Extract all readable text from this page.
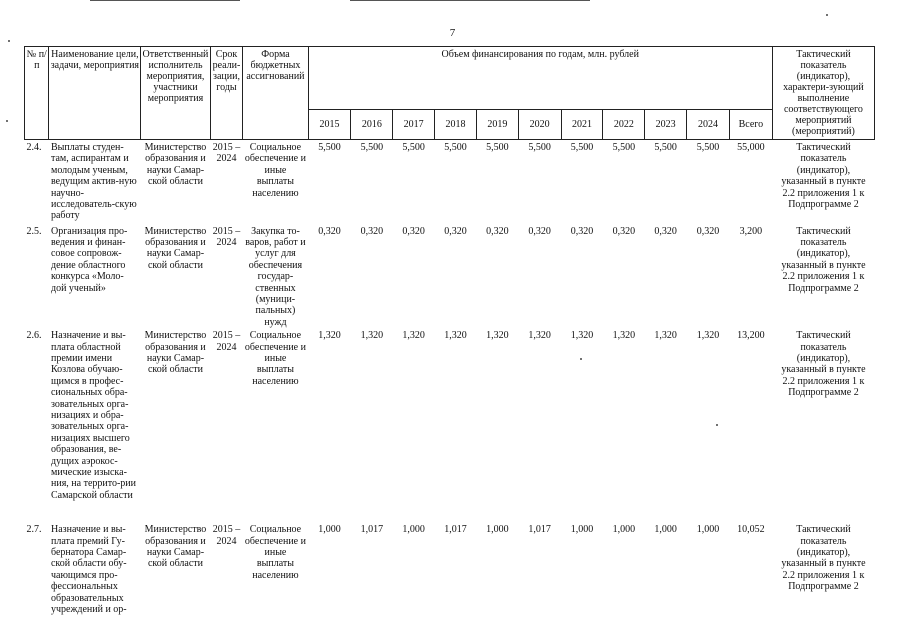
7
№ п/п	Наименование цели, задачи, мероприятия	Ответственный исполнитель мероприятия, участники мероприятия	Срок реали-зации, годы	Форма бюджетных ассигнований	Объем финансирования по годам, млн. рублей											Тактический показатель (индикатор), характери-зующий выполнение соответствующего мероприятий (мероприятий)
					2015	2016	2017	2018	2019	2020	2021	2022	2023	2024	Всего	
2.4.	Выплаты студен-там, аспирантам и молодым ученым, ведущим актив-ную научно-исследователь-скую работу	Министерство образования и науки Самар-ской области	2015 – 2024	Социальное обеспечение и иные выплаты населению	5,500	5,500	5,500	5,500	5,500	5,500	5,500	5,500	5,500	5,500	55,000	Тактический показатель (индикатор), указанный в пункте 2.2 приложения 1 к Подпрограмме 2
2.5.	Организация про-ведения и финан-совое сопровож-дение областного конкурса «Моло-дой ученый»	Министерство образования и науки Самар-ской области	2015 – 2024	Закупка то-варов, работ и услуг для обеспечения государ-ственных (муници-пальных) нужд	0,320	0,320	0,320	0,320	0,320	0,320	0,320	0,320	0,320	0,320	3,200	Тактический показатель (индикатор), указанный в пункте 2.2 приложения 1 к Подпрограмме 2
2.6.	Назначение и вы-плата областной премии имени Козлова обучаю-щимся в профес-сиональных обра-зовательных орга-низациях и обра-зовательных орга-низациях высшего образования, ве-дущих аэрокос-мические изыска-ния, на террито-рии Самарской области	Министерство образования и науки Самар-ской области	2015 – 2024	Социальное обеспечение и иные выплаты населению	1,320	1,320	1,320	1,320	1,320	1,320	1,320	1,320	1,320	1,320	13,200	Тактический показатель (индикатор), указанный в пункте 2.2 приложения 1 к Подпрограмме 2
2.7.	Назначение и вы-плата премий Гу-бернатора Самар-ской области обу-чающимся про-фессиональных образовательных учреждений и ор-	Министерство образования и науки Самар-ской области	2015 – 2024	Социальное обеспечение и иные выплаты населению	1,000	1,017	1,000	1,017	1,000	1,017	1,000	1,000	1,000	1,000	10,052	Тактический показатель (индикатор), указанный в пункте 2.2 приложения 1 к Подпрограмме 2
